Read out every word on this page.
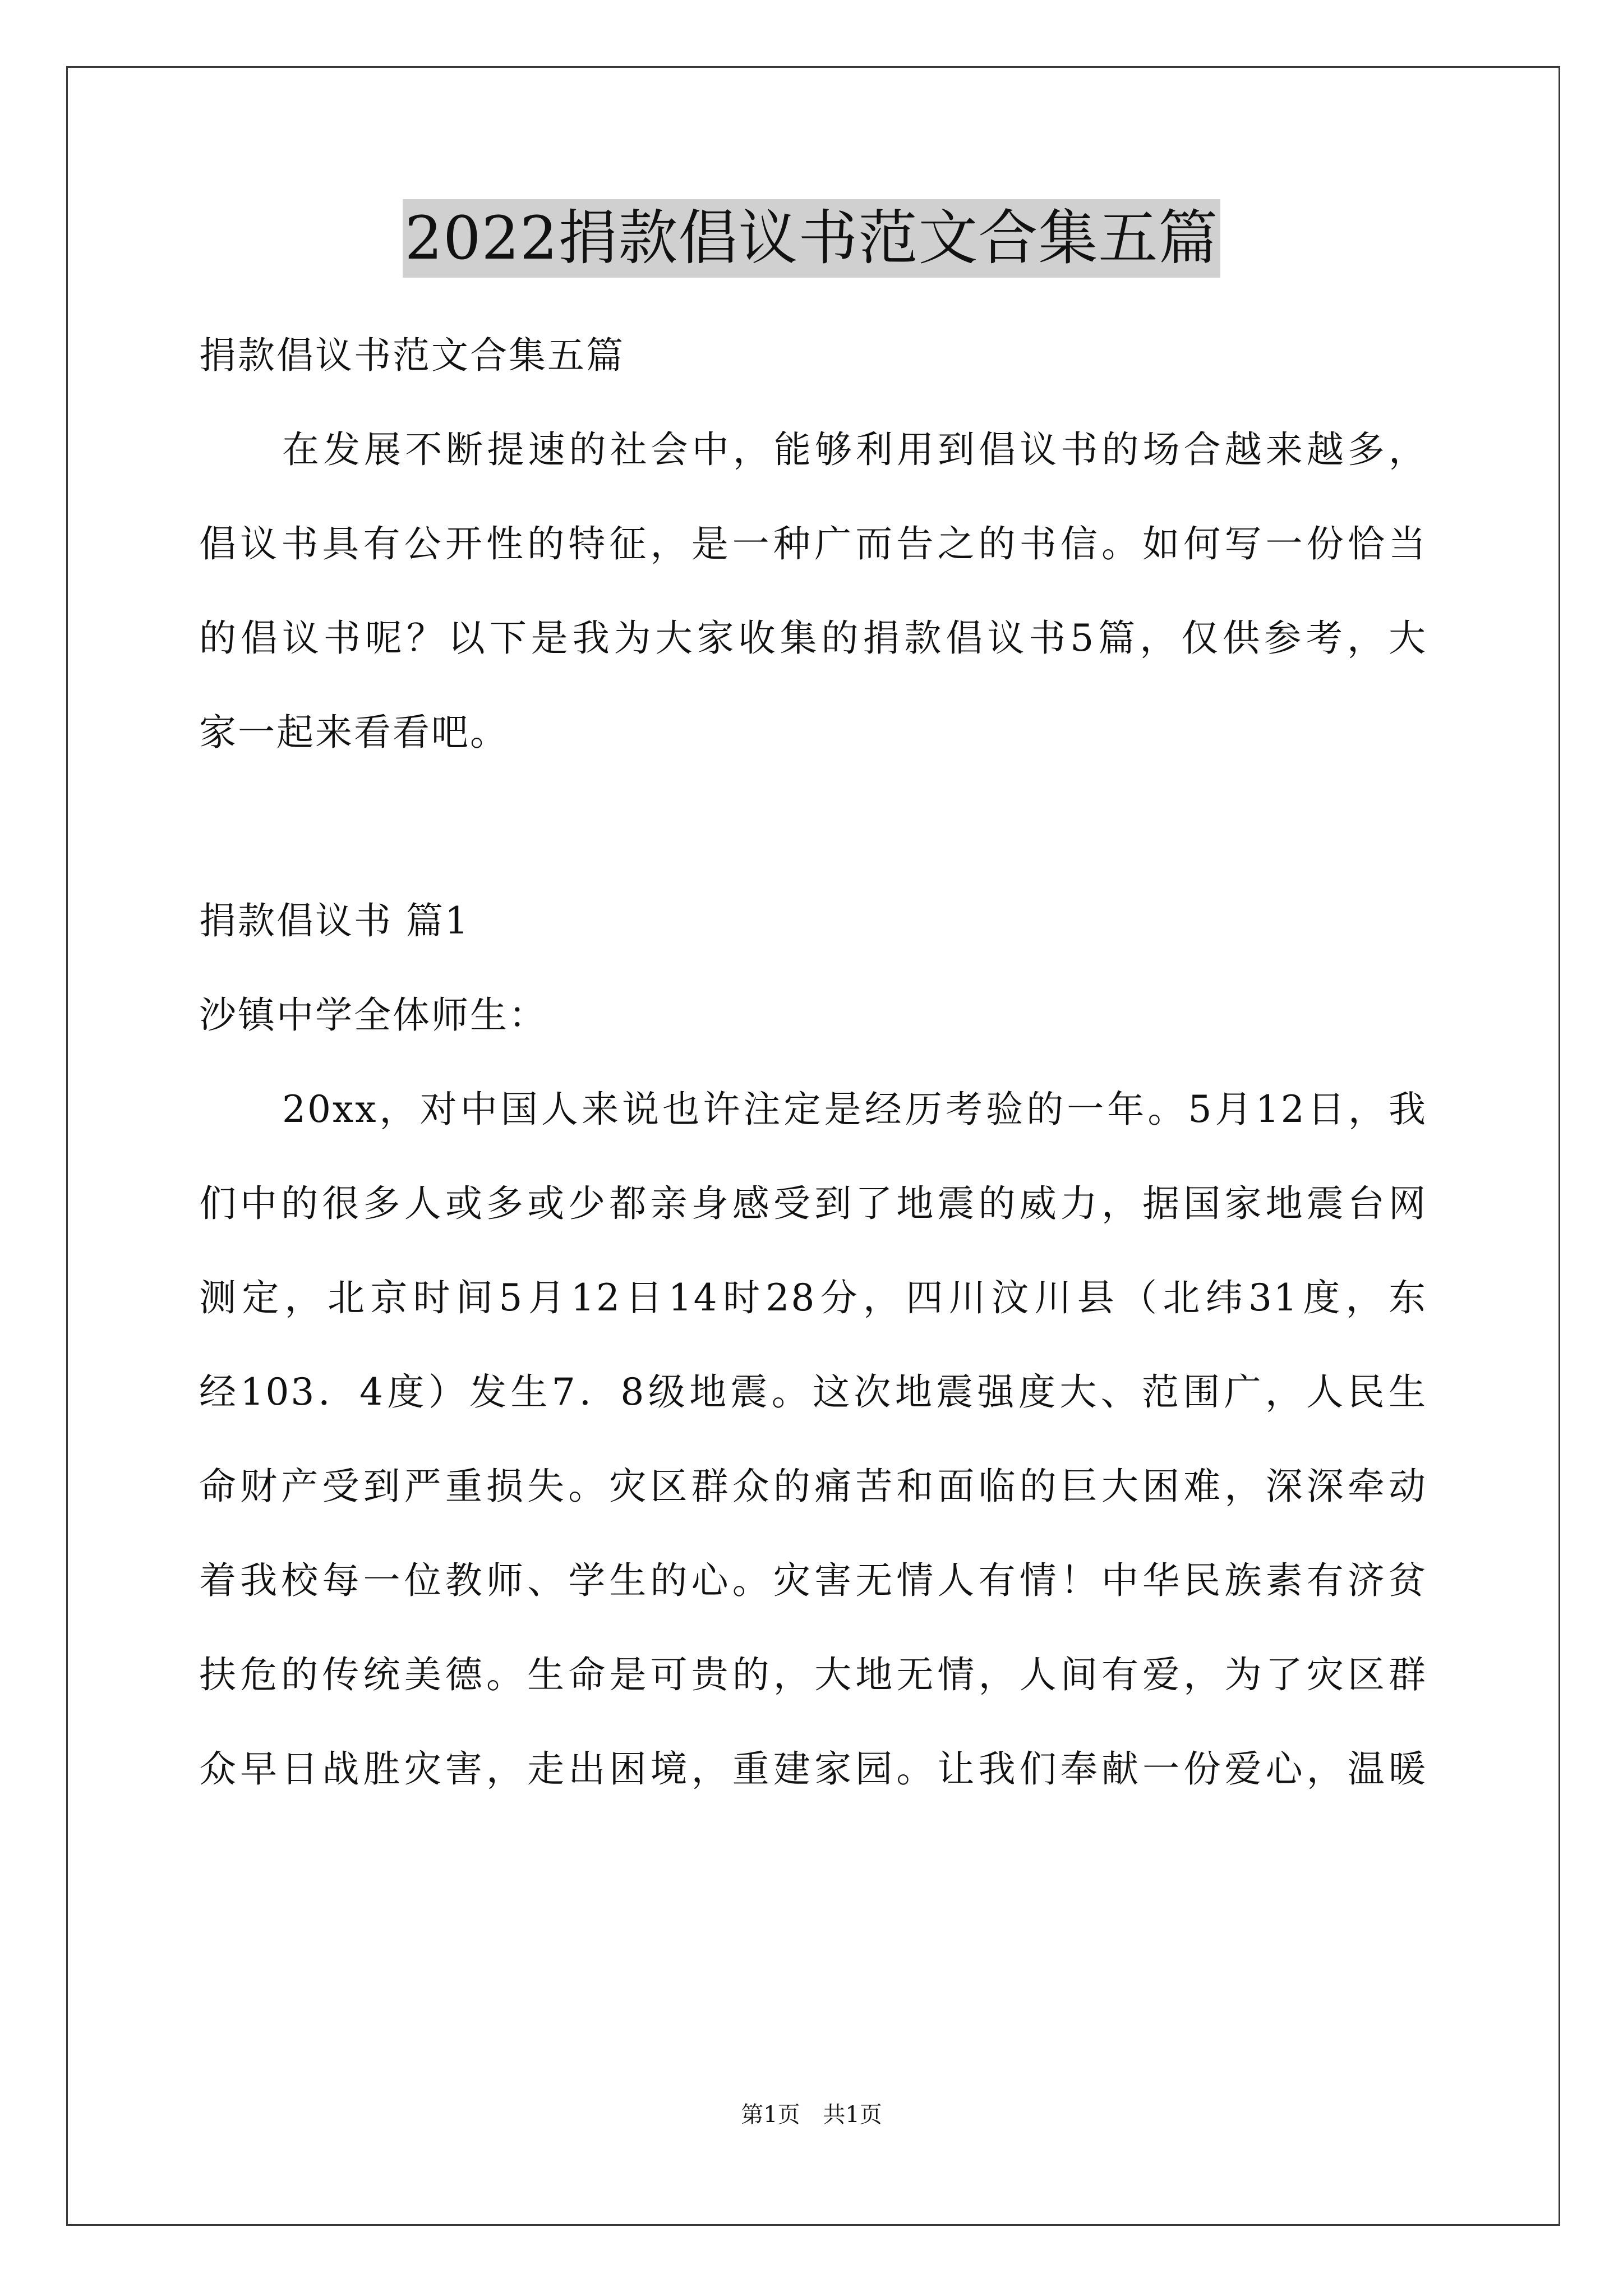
2022捐款倡议书范文合集五篇
捐款倡议书范文合集五篇
在发展不断提速的社会中，能够利用到倡议书的场合越来越多，
倡议书具有公开性的特征，是一种广而告之的书信。如何写一份恰当
的倡议书呢？以下是我为大家收集的捐款倡议书5篇，仅供参考，大
家一起来看看吧。
捐款倡议书 篇1
沙镇中学全体师生：
20xx，对中国人来说也许注定是经历考验的一年。5月12日，我
们中的很多人或多或少都亲身感受到了地震的威力，据国家地震台网
测定，北京时间5月12日14时28分，四川汶川县（北纬31度，东
经103．4度）发生7．8级地震。这次地震强度大、范围广，人民生
命财产受到严重损失。灾区群众的痛苦和面临的巨大困难，深深牵动
着我校每一位教师、学生的心。灾害无情人有情！中华民族素有济贫
扶危的传统美德。生命是可贵的，大地无情，人间有爱，为了灾区群
众早日战胜灾害，走出困境，重建家园。让我们奉献一份爱心，温暖
第1页 共1页
